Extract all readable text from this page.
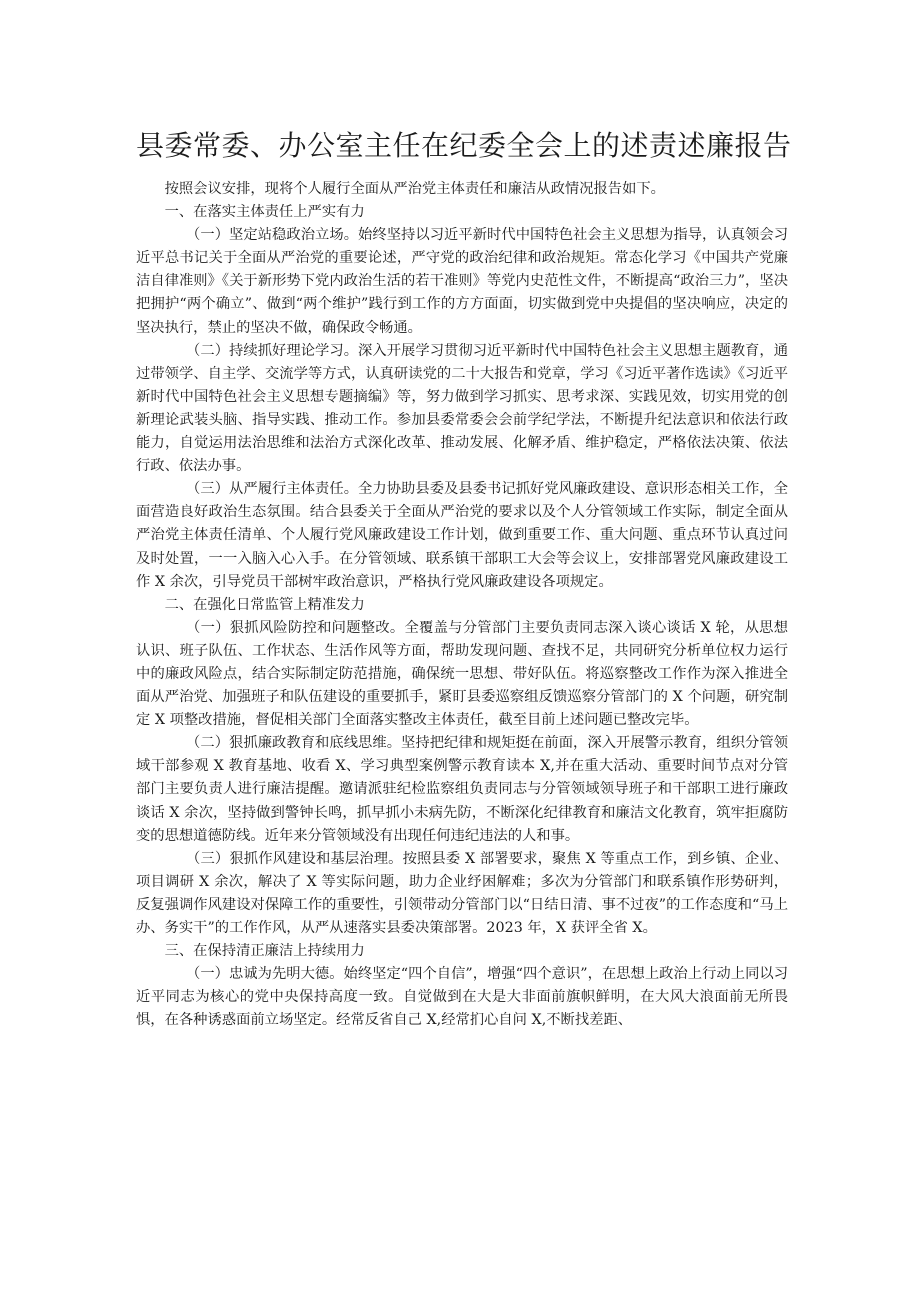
县委常委、办公室主任在纪委全会上的述责述廉报告

按照会议安排，现将个人履行全面从严治党主体责任和廉洁从政情况报告如下。

一、在落实主体责任上严实有力

（一）坚定站稳政治立场。始终坚持以习近平新时代中国特色社会主义思想为指导，认真领会习近平总书记关于全面从严治党的重要论述，严守党的政治纪律和政治规矩。常态化学习《中国共产党廉洁自律准则》《关于新形势下党内政治生活的若干准则》等党内史范性文件，不断提高“政治三力”，坚决把拥护“两个确立”、做到“两个维护”践行到工作的方方面面，切实做到党中央提倡的坚决响应，决定的坚决执行，禁止的坚决不做，确保政令畅通。

（二）持续抓好理论学习。深入开展学习贯彻习近平新时代中国特色社会主义思想主题教育，通过带领学、自主学、交流学等方式，认真研读党的二十大报告和党章，学习《习近平著作选读》《习近平新时代中国特色社会主义思想专题摘编》等，努力做到学习抓实、思考求深、实践见效，切实用党的创新理论武装头脑、指导实践、推动工作。参加县委常委会会前学纪学法，不断提升纪法意识和依法行政能力，自觉运用法治思维和法治方式深化改革、推动发展、化解矛盾、维护稳定，严格依法决策、依法行政、依法办事。

（三）从严履行主体责任。全力协助县委及县委书记抓好党风廉政建设、意识形态相关工作，全面营造良好政治生态氛围。结合县委关于全面从严治党的要求以及个人分管领域工作实际，制定全面从严治党主体责任清单、个人履行党风廉政建设工作计划，做到重要工作、重大问题、重点环节认真过问及时处置，一一入脑入心入手。在分管领域、联系镇干部职工大会等会议上，安排部署党风廉政建设工作 X 余次，引导党员干部树牢政治意识，严格执行党风廉政建设各项规定。

二、在强化日常监管上精准发力

（一）狠抓风险防控和问题整改。全覆盖与分管部门主要负责同志深入谈心谈话 X 轮，从思想认识、班子队伍、工作状态、生活作风等方面，帮助发现问题、查找不足，共同研究分析单位权力运行中的廉政风险点，结合实际制定防范措施，确保统一思想、带好队伍。将巡察整改工作作为深入推进全面从严治党、加强班子和队伍建设的重要抓手，紧盯县委巡察组反馈巡察分管部门的 X 个问题，研究制定 X 项整改措施，督促相关部门全面落实整改主体责任，截至目前上述问题已整改完毕。

（二）狠抓廉政教育和底线思维。坚持把纪律和规矩挺在前面，深入开展警示教育，组织分管领域干部参观 X 教育基地、收看 X、学习典型案例警示教育读本 X,并在重大活动、重要时间节点对分管部门主要负责人进行廉洁提醒。邀请派驻纪检监察组负责同志与分管领域领导班子和干部职工进行廉政谈话 X 余次，坚持做到警钟长鸣，抓早抓小未病先防，不断深化纪律教育和廉洁文化教育，筑牢拒腐防变的思想道德防线。近年来分管领域没有出现任何违纪违法的人和事。

（三）狠抓作风建设和基层治理。按照县委 X 部署要求，聚焦 X 等重点工作，到乡镇、企业、项目调研 X 余次，解决了 X 等实际问题，助力企业纾困解难；多次为分管部门和联系镇作形势研判，反复强调作风建设对保障工作的重要性，引领带动分管部门以“日结日清、事不过夜”的工作态度和“马上办、务实干”的工作作风，从严从速落实县委决策部署。2023 年，X 获评全省 X。

三、在保持清正廉洁上持续用力

（一）忠诚为先明大德。始终坚定“四个自信”，增强“四个意识”，在思想上政治上行动上同以习近平同志为核心的党中央保持高度一致。自觉做到在大是大非面前旗帜鲜明，在大风大浪面前无所畏惧，在各种诱惑面前立场坚定。经常反省自己 X,经常扪心自问 X,不断找差距、
